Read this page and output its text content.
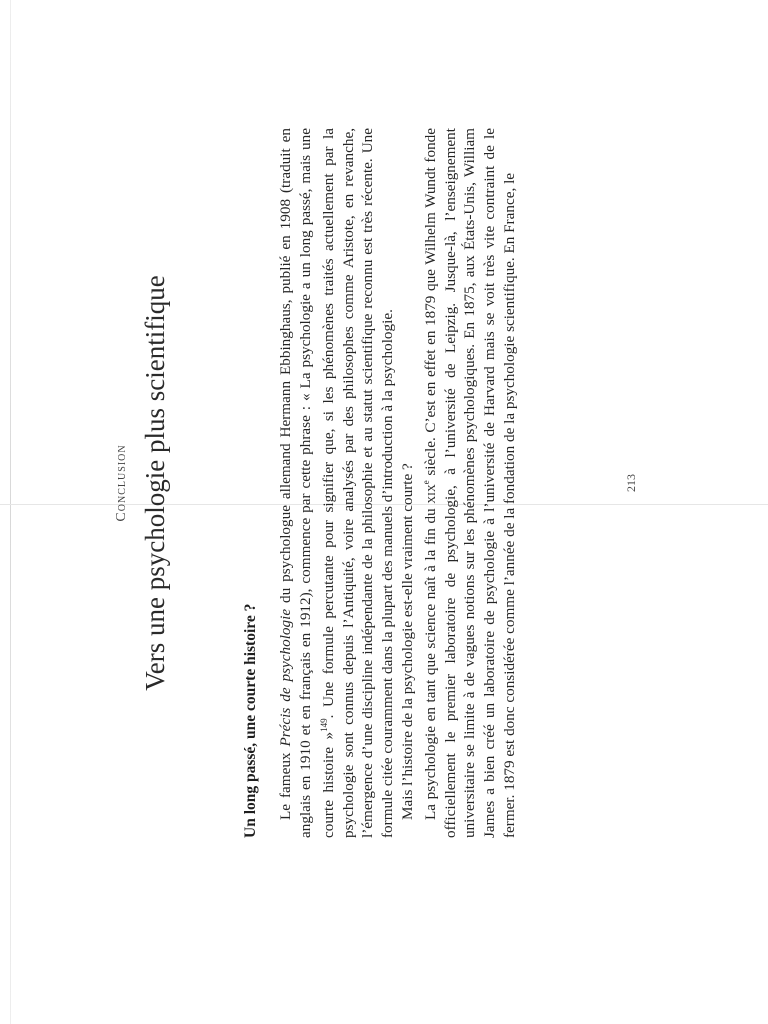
Conclusion Vers une psychologie plus scientifique
Un long passé, une courte histoire ? Le fameux Précis de psychologie du psychologue allemand Hermann Ebbinghaus, publié en 1908 (traduit en anglais en 1910 et en français en 1912), commence par cette phrase : « La psychologie a un long passé, mais une courte histoire »$^{149}$. Une formule percutante pour signifier que, si les phénomènes traités actuellement par la psychologie sont connus depuis l’Antiquité, voire analysés par des philosophes comme Aristote, en revanche, l’émergence d’une discipline indépendante de la philosophie et au statut scientifique reconnu est très récente. Une formule citée couramment dans la plupart des manuels d’introduction à la psychologie. Mais l’histoire de la psychologie est-elle vraiment courte ? La psychologie en tant que science naît à la fin du xix$^e$ siècle. C’est en effet en 1879 que Wilhelm Wundt fonde officiellement le premier laboratoire de psychologie, à l’université de Leipzig. Jusque-là, l’enseignement universitaire se limite à de vagues notions sur les phénomènes psychologiques. En 1875, aux États-Unis, William James a bien créé un laboratoire de psychologie à l’université de Harvard mais se voit très vite contraint de le fermer. 1879 est donc considérée comme l’année de la fondation de la psychologie scientifique. En France, le	213
